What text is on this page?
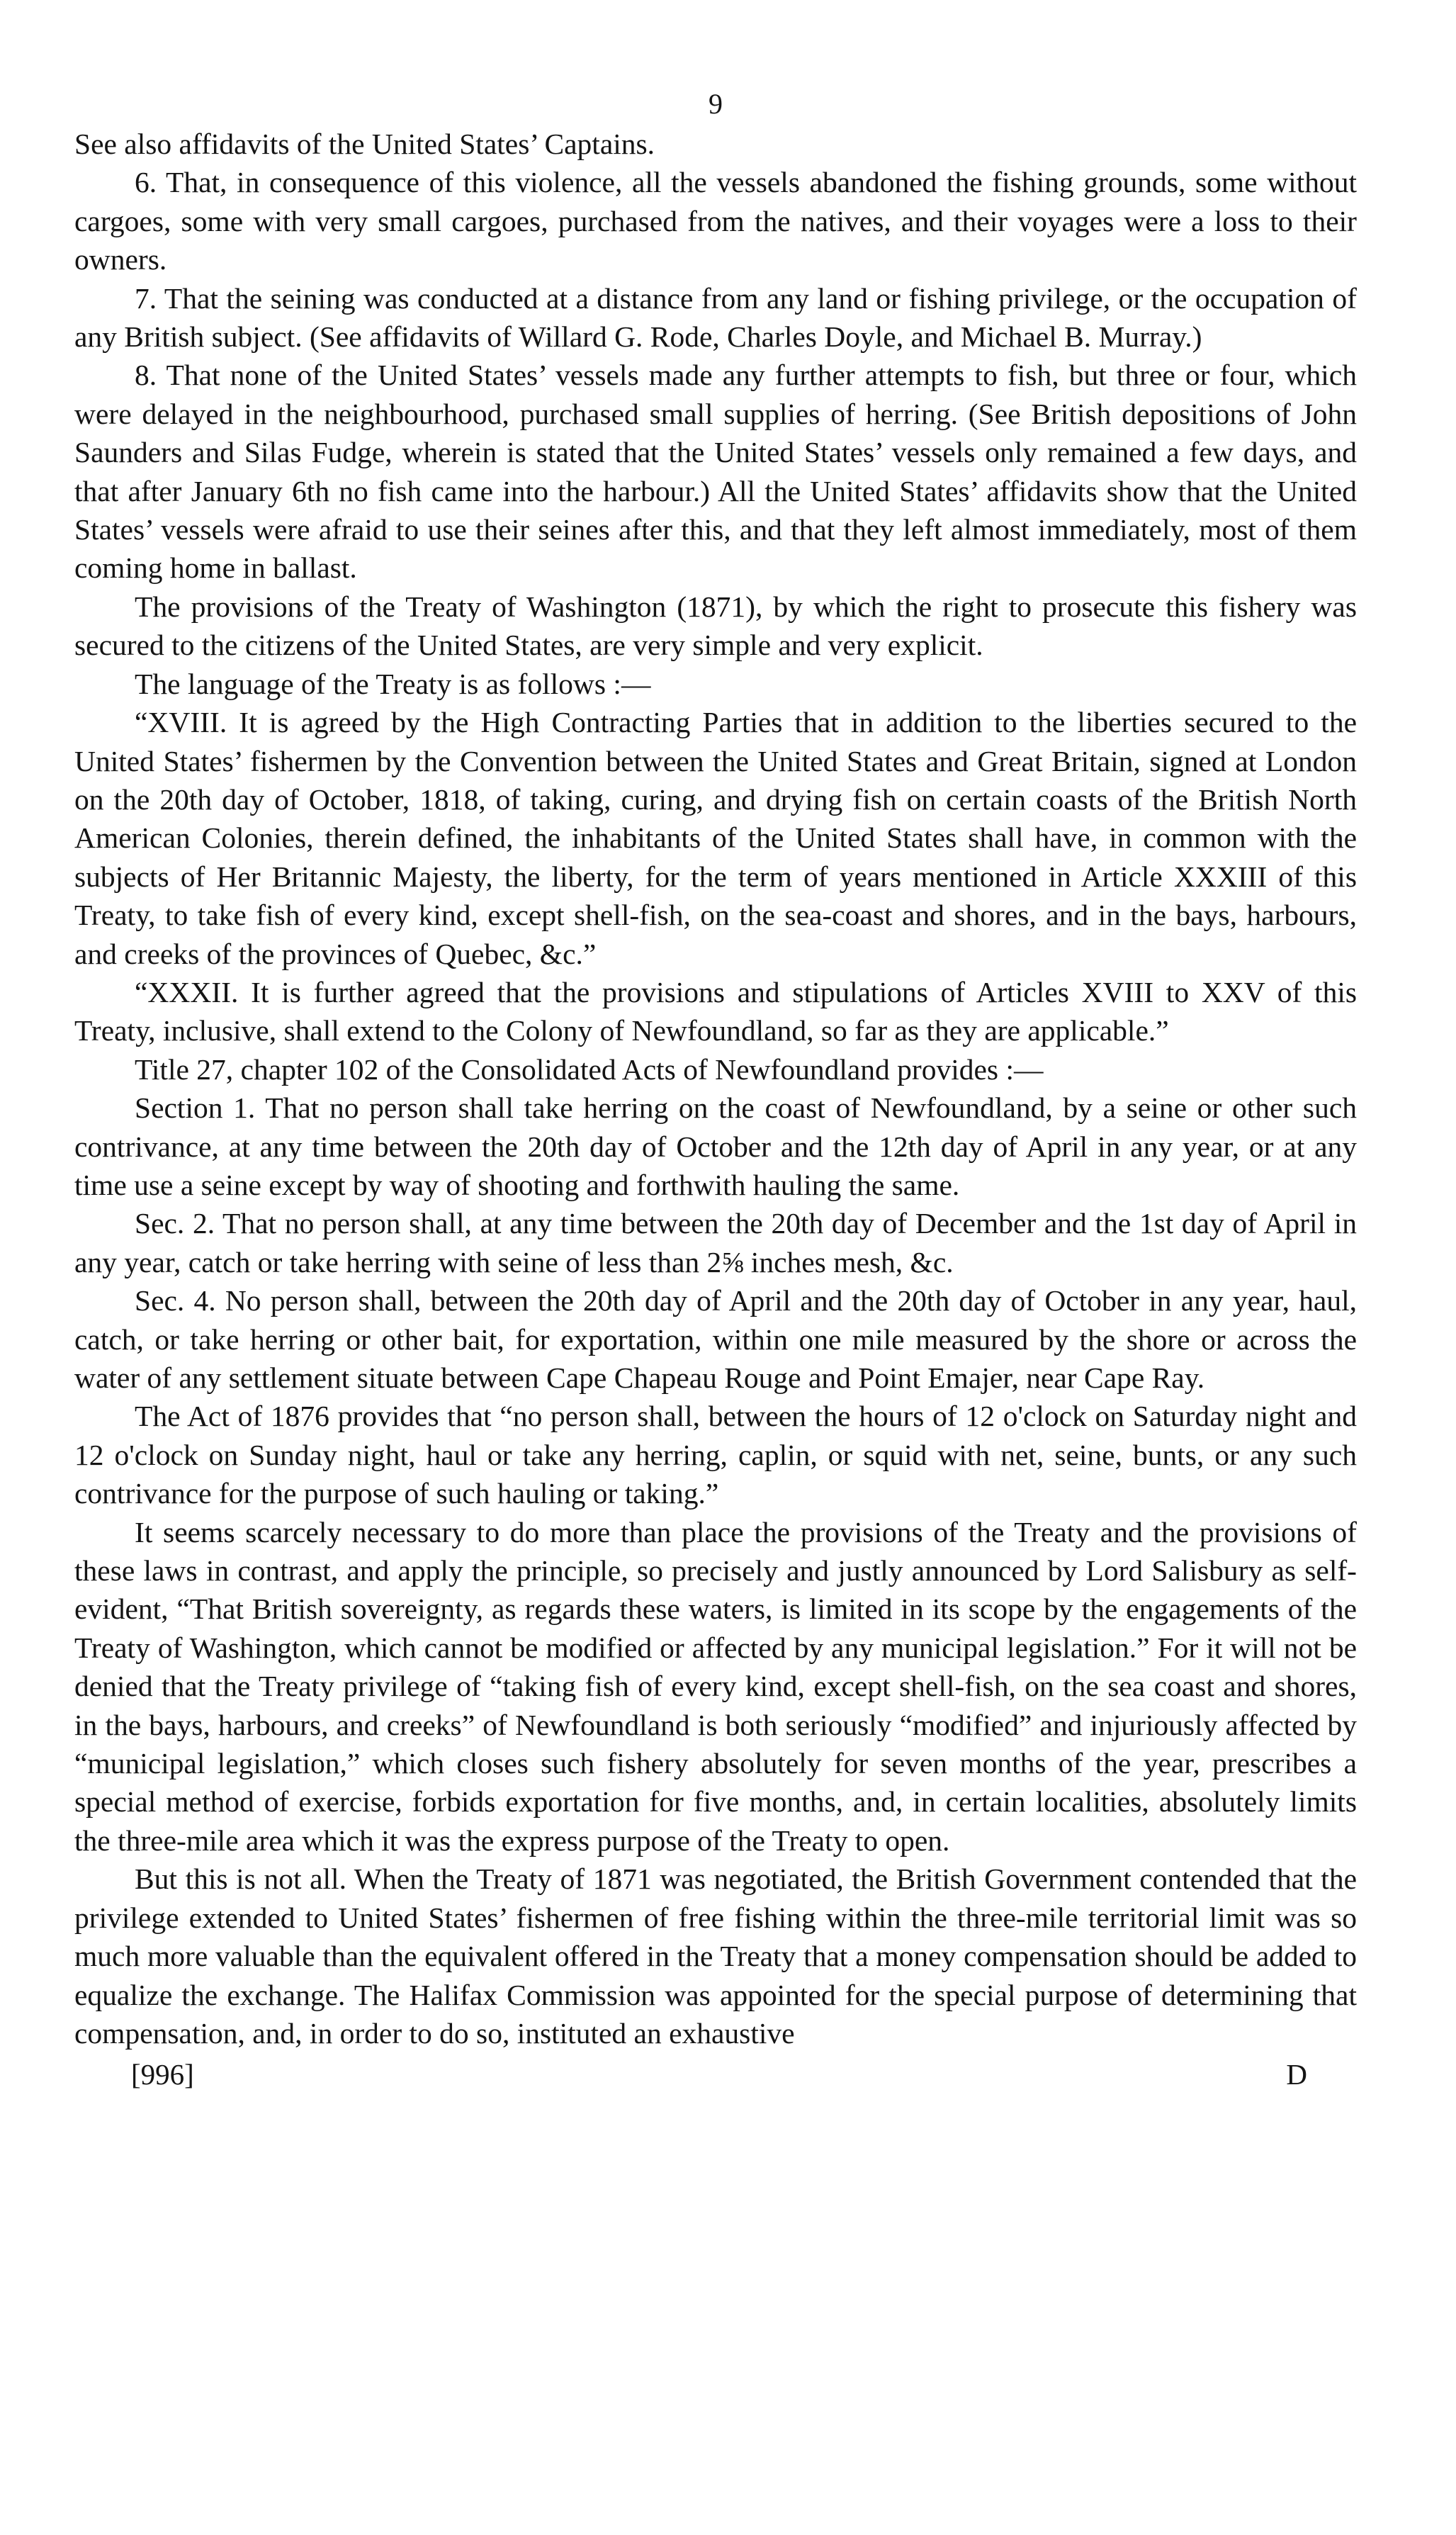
9

See also affidavits of the United States’ Captains.

6. That, in consequence of this violence, all the vessels abandoned the fishing grounds, some without cargoes, some with very small cargoes, purchased from the natives, and their voyages were a loss to their owners.

7. That the seining was conducted at a distance from any land or fishing privilege, or the occupation of any British subject. (See affidavits of Willard G. Rode, Charles Doyle, and Michael B. Murray.)

8. That none of the United States’ vessels made any further attempts to fish, but three or four, which were delayed in the neighbourhood, purchased small supplies of herring. (See British depositions of John Saunders and Silas Fudge, wherein is stated that the United States’ vessels only remained a few days, and that after January 6th no fish came into the harbour.) All the United States’ affidavits show that the United States’ vessels were afraid to use their seines after this, and that they left almost immediately, most of them coming home in ballast.

The provisions of the Treaty of Washington (1871), by which the right to prosecute this fishery was secured to the citizens of the United States, are very simple and very explicit.

The language of the Treaty is as follows :—

“XVIII. It is agreed by the High Contracting Parties that in addition to the liberties secured to the United States’ fishermen by the Convention between the United States and Great Britain, signed at London on the 20th day of October, 1818, of taking, curing, and drying fish on certain coasts of the British North American Colonies, therein defined, the inhabitants of the United States shall have, in common with the subjects of Her Britannic Majesty, the liberty, for the term of years mentioned in Article XXXIII of this Treaty, to take fish of every kind, except shell-fish, on the sea-coast and shores, and in the bays, harbours, and creeks of the provinces of Quebec, &c.”

“XXXII. It is further agreed that the provisions and stipulations of Articles XVIII to XXV of this Treaty, inclusive, shall extend to the Colony of Newfoundland, so far as they are applicable.”

Title 27, chapter 102 of the Consolidated Acts of Newfoundland provides :—

Section 1. That no person shall take herring on the coast of Newfoundland, by a seine or other such contrivance, at any time between the 20th day of October and the 12th day of April in any year, or at any time use a seine except by way of shooting and forthwith hauling the same.

Sec. 2. That no person shall, at any time between the 20th day of December and the 1st day of April in any year, catch or take herring with seine of less than 2⅝ inches mesh, &c.

Sec. 4. No person shall, between the 20th day of April and the 20th day of October in any year, haul, catch, or take herring or other bait, for exportation, within one mile measured by the shore or across the water of any settlement situate between Cape Chapeau Rouge and Point Emajer, near Cape Ray.

The Act of 1876 provides that “no person shall, between the hours of 12 o'clock on Saturday night and 12 o'clock on Sunday night, haul or take any herring, caplin, or squid with net, seine, bunts, or any such contrivance for the purpose of such hauling or taking.”

It seems scarcely necessary to do more than place the provisions of the Treaty and the provisions of these laws in contrast, and apply the principle, so precisely and justly announced by Lord Salisbury as self-evident, “That British sovereignty, as regards these waters, is limited in its scope by the engagements of the Treaty of Washington, which cannot be modified or affected by any municipal legislation.” For it will not be denied that the Treaty privilege of “taking fish of every kind, except shell-fish, on the sea coast and shores, in the bays, harbours, and creeks” of Newfoundland is both seriously “modified” and injuriously affected by “municipal legislation,” which closes such fishery absolutely for seven months of the year, prescribes a special method of exercise, forbids exportation for five months, and, in certain localities, absolutely limits the three-mile area which it was the express purpose of the Treaty to open.

But this is not all. When the Treaty of 1871 was negotiated, the British Government contended that the privilege extended to United States’ fishermen of free fishing within the three-mile territorial limit was so much more valuable than the equivalent offered in the Treaty that a money compensation should be added to equalize the exchange. The Halifax Commission was appointed for the special purpose of determining that compensation, and, in order to do so, instituted an exhaustive

[996]	D
